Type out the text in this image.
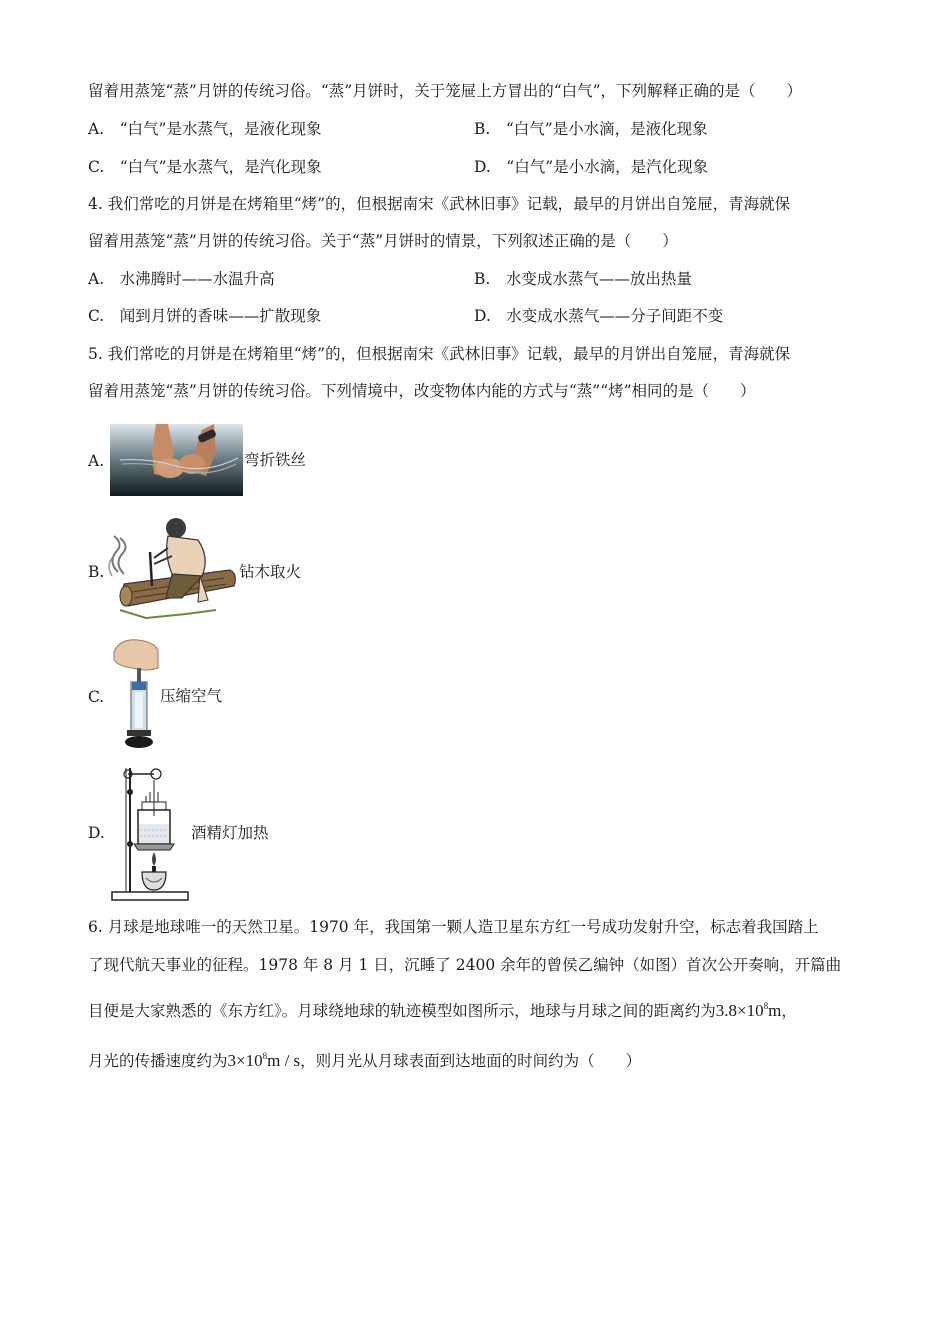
留着用蒸笼“蒸”月饼的传统习俗。“蒸”月饼时，关于笼屉上方冒出的“白气”，下列解释正确的是（　　）
A.　“白气”是水蒸气，是液化现象	B.　“白气”是小水滴，是液化现象
C.　“白气”是水蒸气，是汽化现象	D.　“白气”是小水滴，是汽化现象
4. 我们常吃的月饼是在烤箱里“烤”的，但根据南宋《武林旧事》记载，最早的月饼出自笼屉，青海就保
留着用蒸笼“蒸”月饼的传统习俗。关于“蒸”月饼时的情景，下列叙述正确的是（　　）
A.　水沸腾时——水温升高	B.　水变成水蒸气——放出热量
C.　闻到月饼的香味——扩散现象	D.　水变成水蒸气——分子间距不变
5. 我们常吃的月饼是在烤箱里“烤”的，但根据南宋《武林旧事》记载，最早的月饼出自笼屉，青海就保
留着用蒸笼“蒸”月饼的传统习俗。下列情境中，改变物体内能的方式与“蒸”“烤”相同的是（　　）
A.	弯折铁丝
B.	钻木取火
C.	压缩空气
D.	酒精灯加热
6. 月球是地球唯一的天然卫星。1970 年，我国第一颗人造卫星东方红一号成功发射升空，标志着我国踏上
了现代航天事业的征程。1978 年 8 月 1 日，沉睡了 2400 余年的曾侯乙编钟（如图）首次公开奏响，开篇曲
目便是大家熟悉的《东方红》。月球绕地球的轨迹模型如图所示，地球与月球之间的距离约为$3.8\times 10^8m$，
月光的传播速度约为$3\times 10^8m / s$，则月光从月球表面到达地面的时间约为（　　）
